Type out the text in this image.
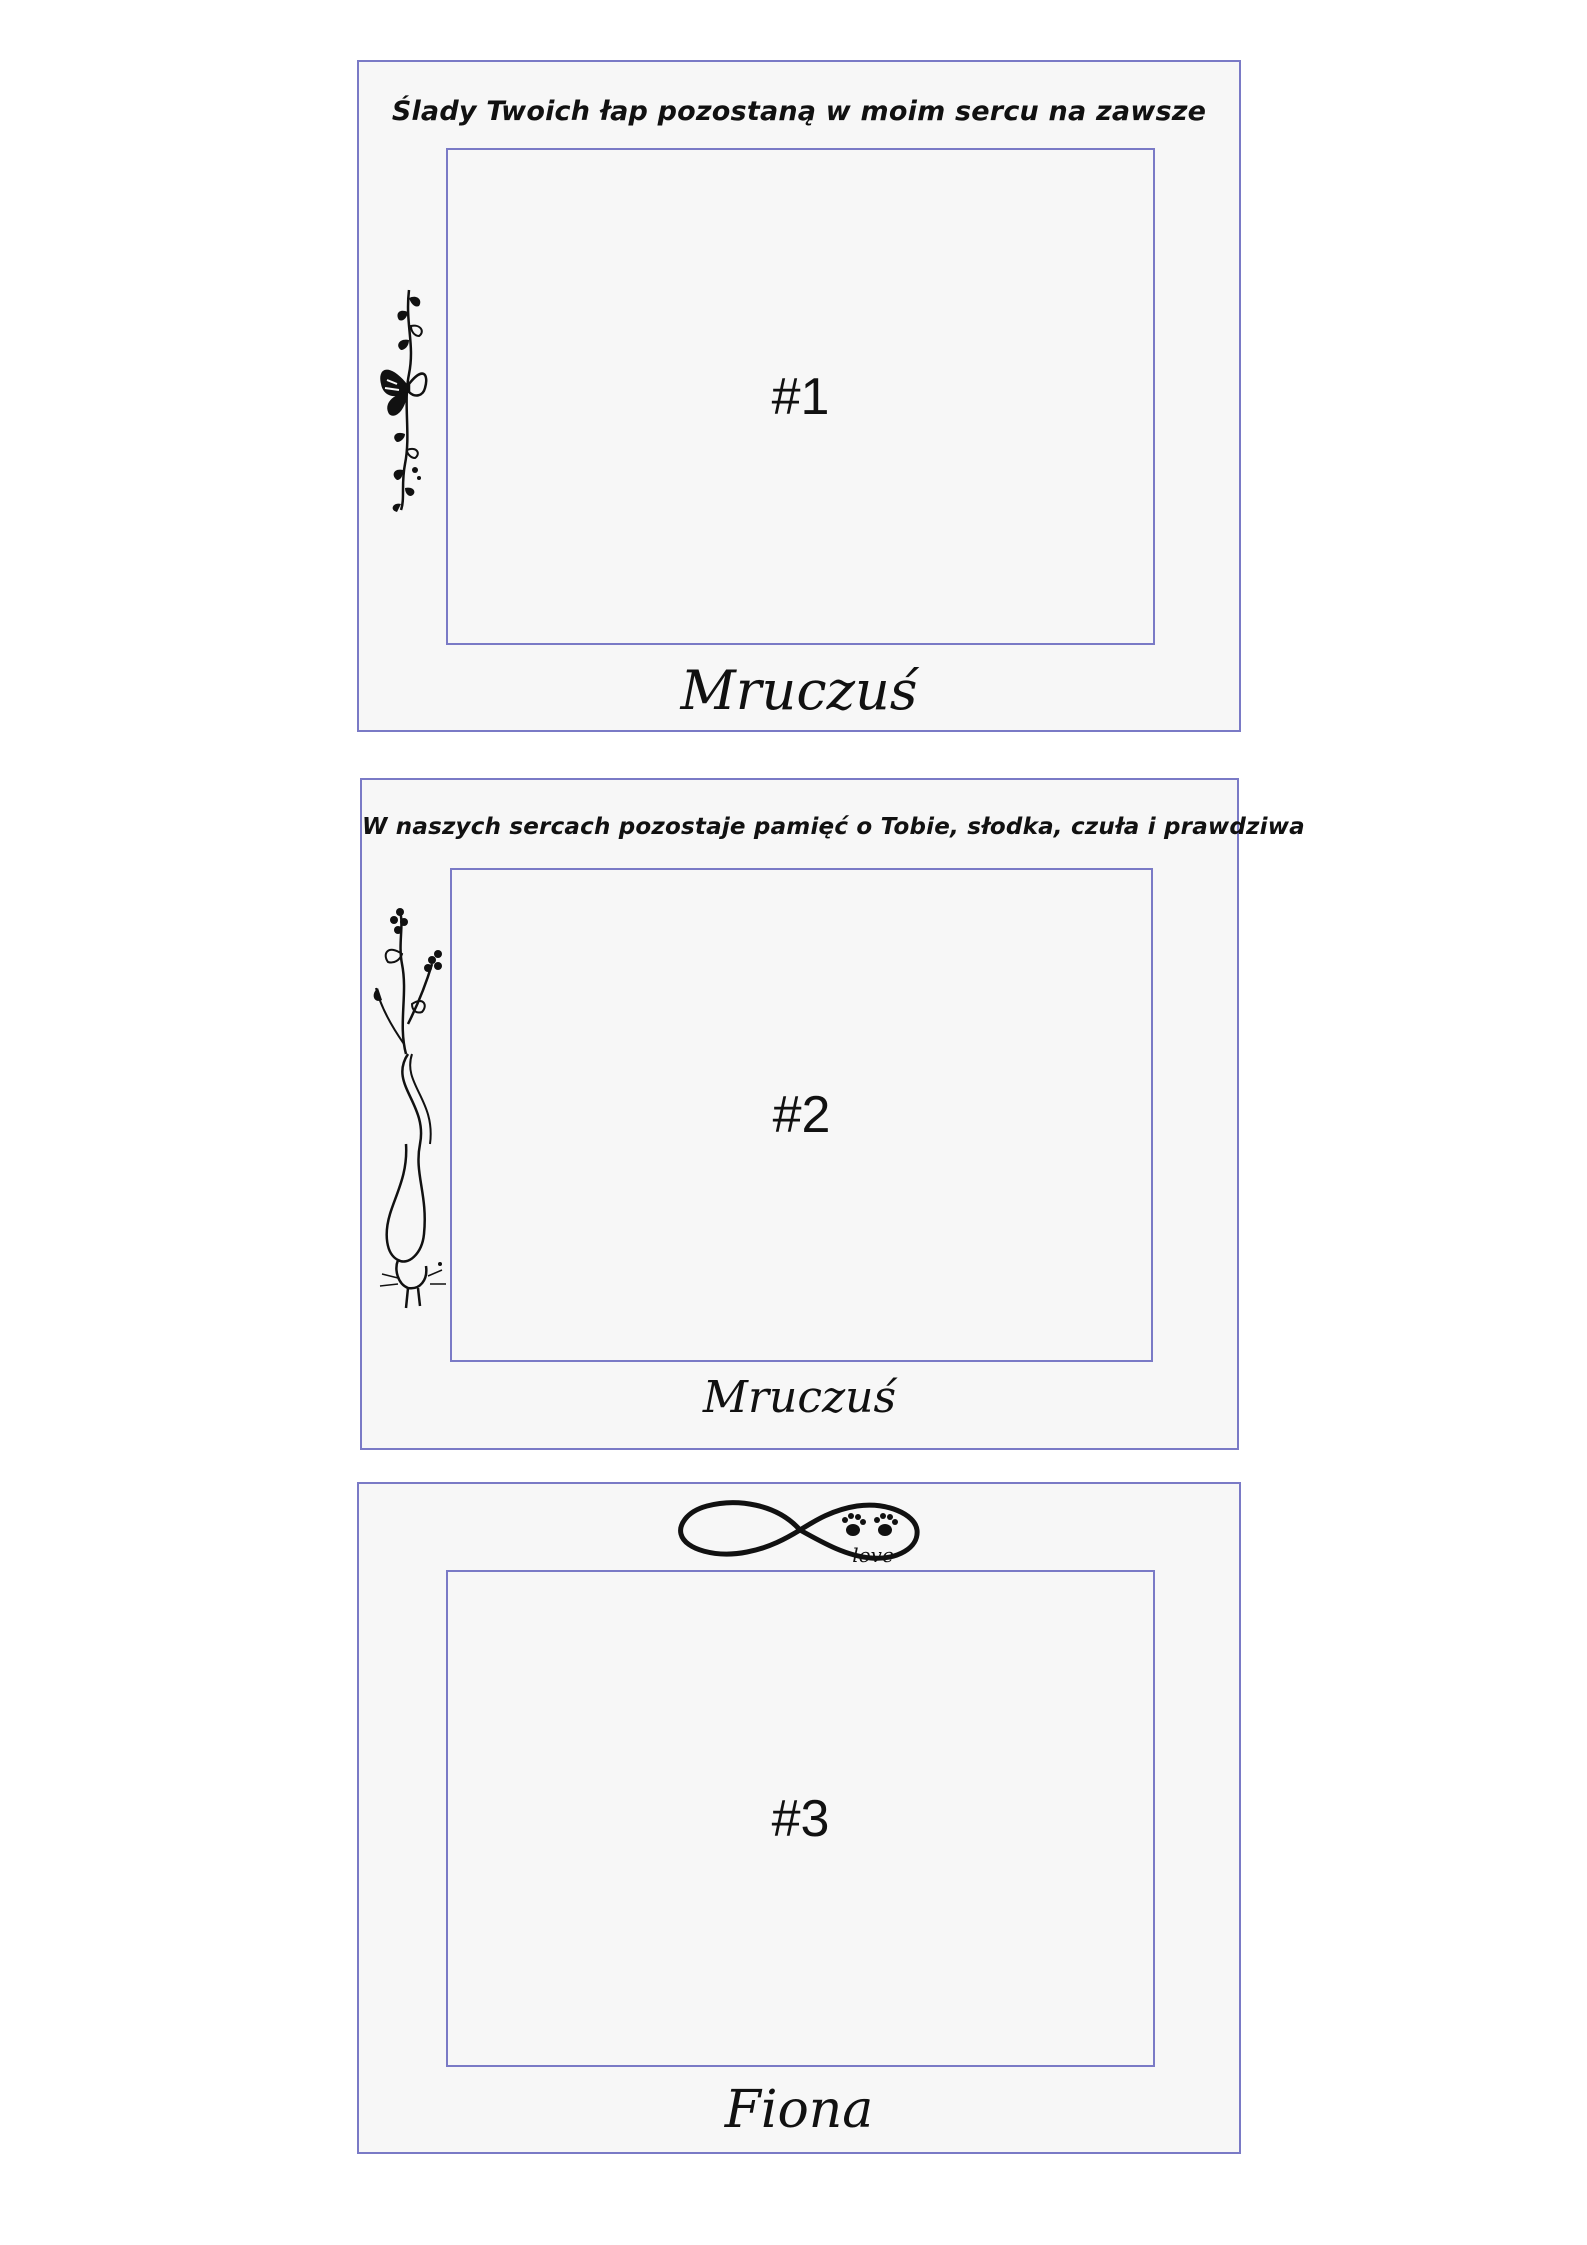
Ślady Twoich łap pozostaną w moim sercu na zawsze
#1
Mruczuś
W naszych sercach pozostaje pamięć o Tobie, słodka, czuła i prawdziwa
#2
Mruczuś
love
#3
Fiona
